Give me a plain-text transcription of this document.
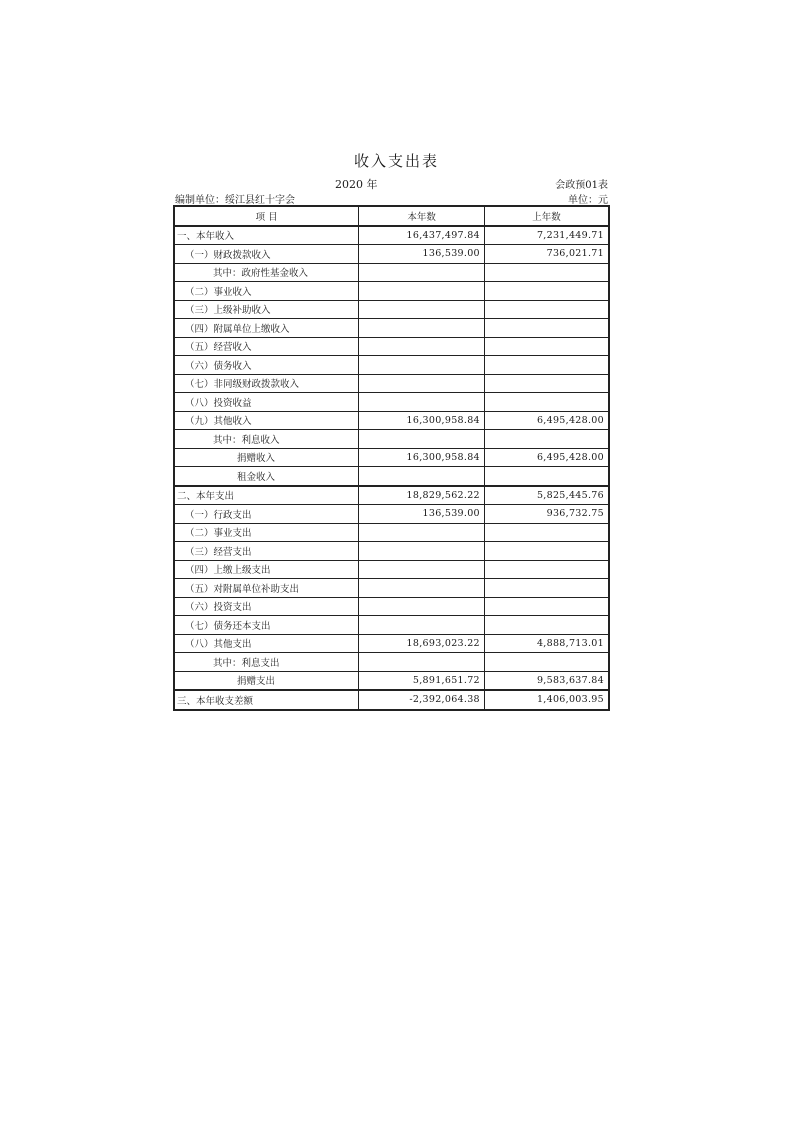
收入支出表
2020 年	会政预01表
编制单位：绥江县红十字会	单位：元
项 目	本年数	上年数
一、本年收入	16,437,497.84	7,231,449.71
（一）财政拨款收入	136,539.00	736,021.71
其中：政府性基金收入		
（二）事业收入		
（三）上级补助收入		
（四）附属单位上缴收入		
（五）经营收入		
（六）债务收入		
（七）非同级财政拨款收入		
（八）投资收益		
（九）其他收入	16,300,958.84	6,495,428.00
其中：利息收入		
捐赠收入	16,300,958.84	6,495,428.00
租金收入		
二、本年支出	18,829,562.22	5,825,445.76
（一）行政支出	136,539.00	936,732.75
（二）事业支出		
（三）经营支出		
（四）上缴上级支出		
（五）对附属单位补助支出		
（六）投资支出		
（七）债务还本支出		
（八）其他支出	18,693,023.22	4,888,713.01
其中：利息支出		
捐赠支出	5,891,651.72	9,583,637.84
三、本年收支差额	-2,392,064.38	1,406,003.95
